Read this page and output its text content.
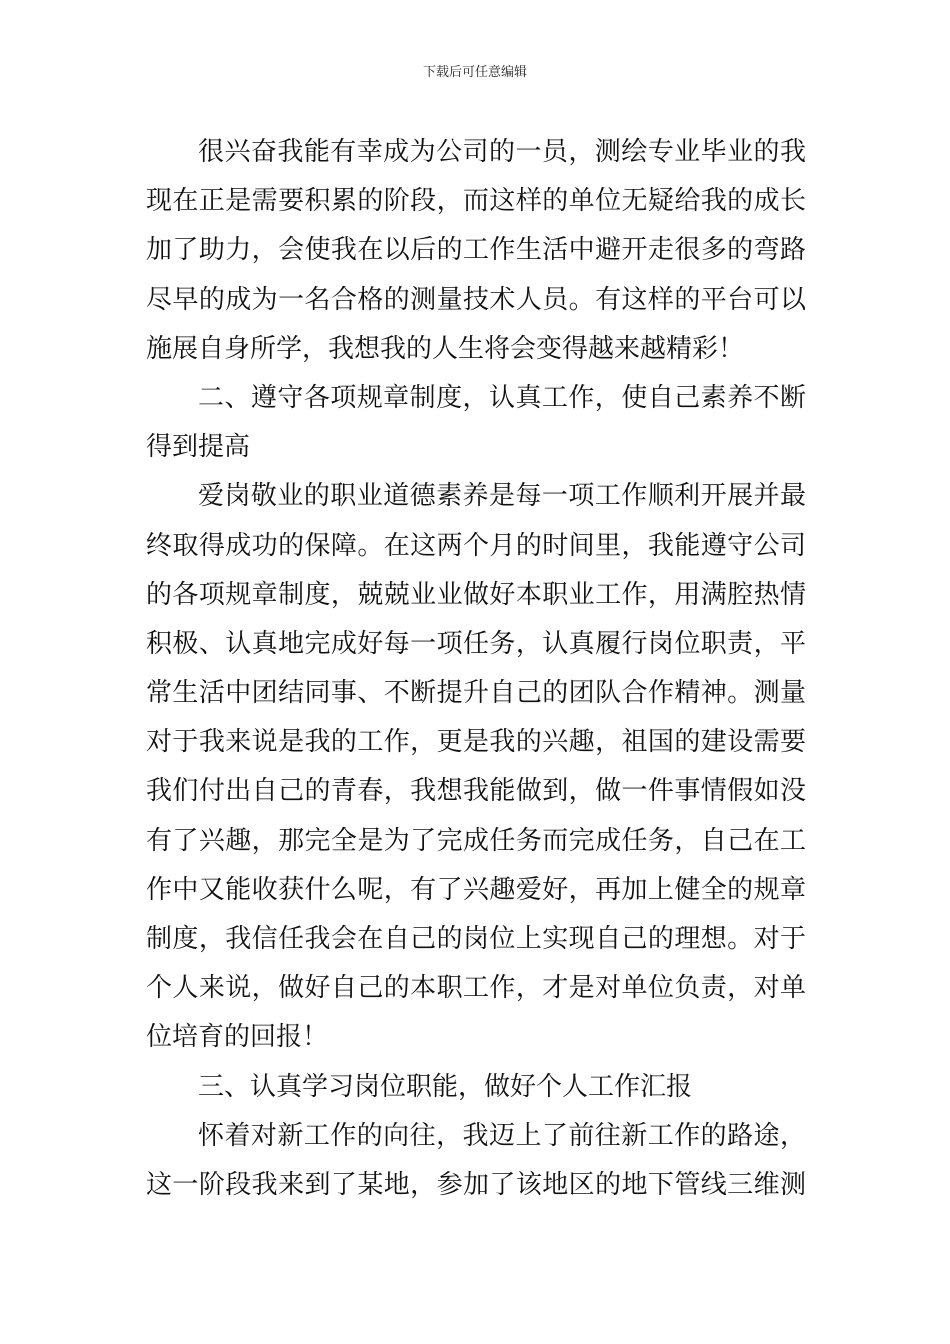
下载后可任意编辑
很兴奋我能有幸成为公司的一员，测绘专业毕业的我
现在正是需要积累的阶段，而这样的单位无疑给我的成长
加了助力，会使我在以后的工作生活中避开走很多的弯路
尽早的成为一名合格的测量技术人员。有这样的平台可以
施展自身所学，我想我的人生将会变得越来越精彩！
二、遵守各项规章制度，认真工作，使自己素养不断
得到提高
爱岗敬业的职业道德素养是每一项工作顺利开展并最
终取得成功的保障。在这两个月的时间里，我能遵守公司
的各项规章制度，兢兢业业做好本职业工作，用满腔热情
积极、认真地完成好每一项任务，认真履行岗位职责，平
常生活中团结同事、不断提升自己的团队合作精神。测量
对于我来说是我的工作，更是我的兴趣，祖国的建设需要
我们付出自己的青春，我想我能做到，做一件事情假如没
有了兴趣，那完全是为了完成任务而完成任务，自己在工
作中又能收获什么呢，有了兴趣爱好，再加上健全的规章
制度，我信任我会在自己的岗位上实现自己的理想。对于
个人来说，做好自己的本职工作，才是对单位负责，对单
位培育的回报！
三、认真学习岗位职能，做好个人工作汇报
怀着对新工作的向往，我迈上了前往新工作的路途，
这一阶段我来到了某地，参加了该地区的地下管线三维测
